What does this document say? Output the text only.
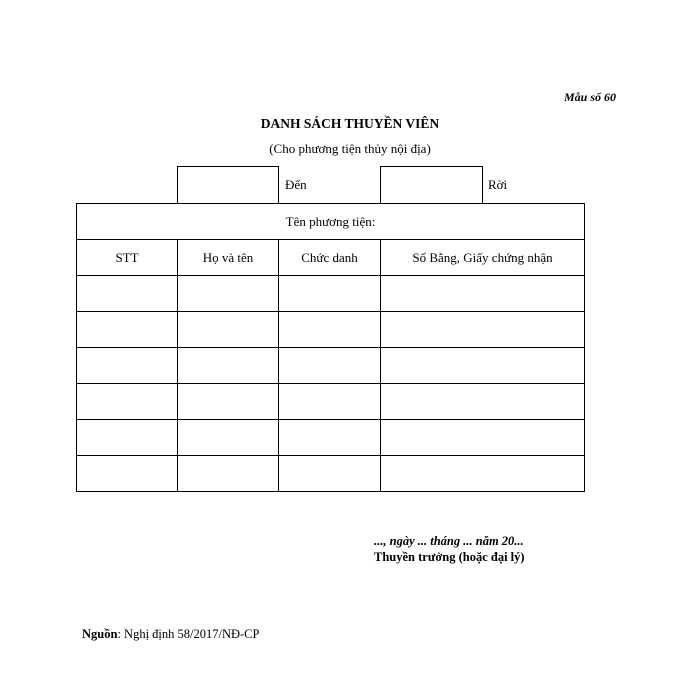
Mẫu số 60
DANH SÁCH THUYỀN VIÊN
(Cho phương tiện thủy nội địa)
Đến	Rời
Tên phương tiện:			
STT	Họ và tên	Chức danh	Số Bằng, Giấy chứng nhận

..., ngày ... tháng ... năm 20...
Thuyền trưởng (hoặc đại lý)
Nguồn: Nghị định 58/2017/NĐ-CP
